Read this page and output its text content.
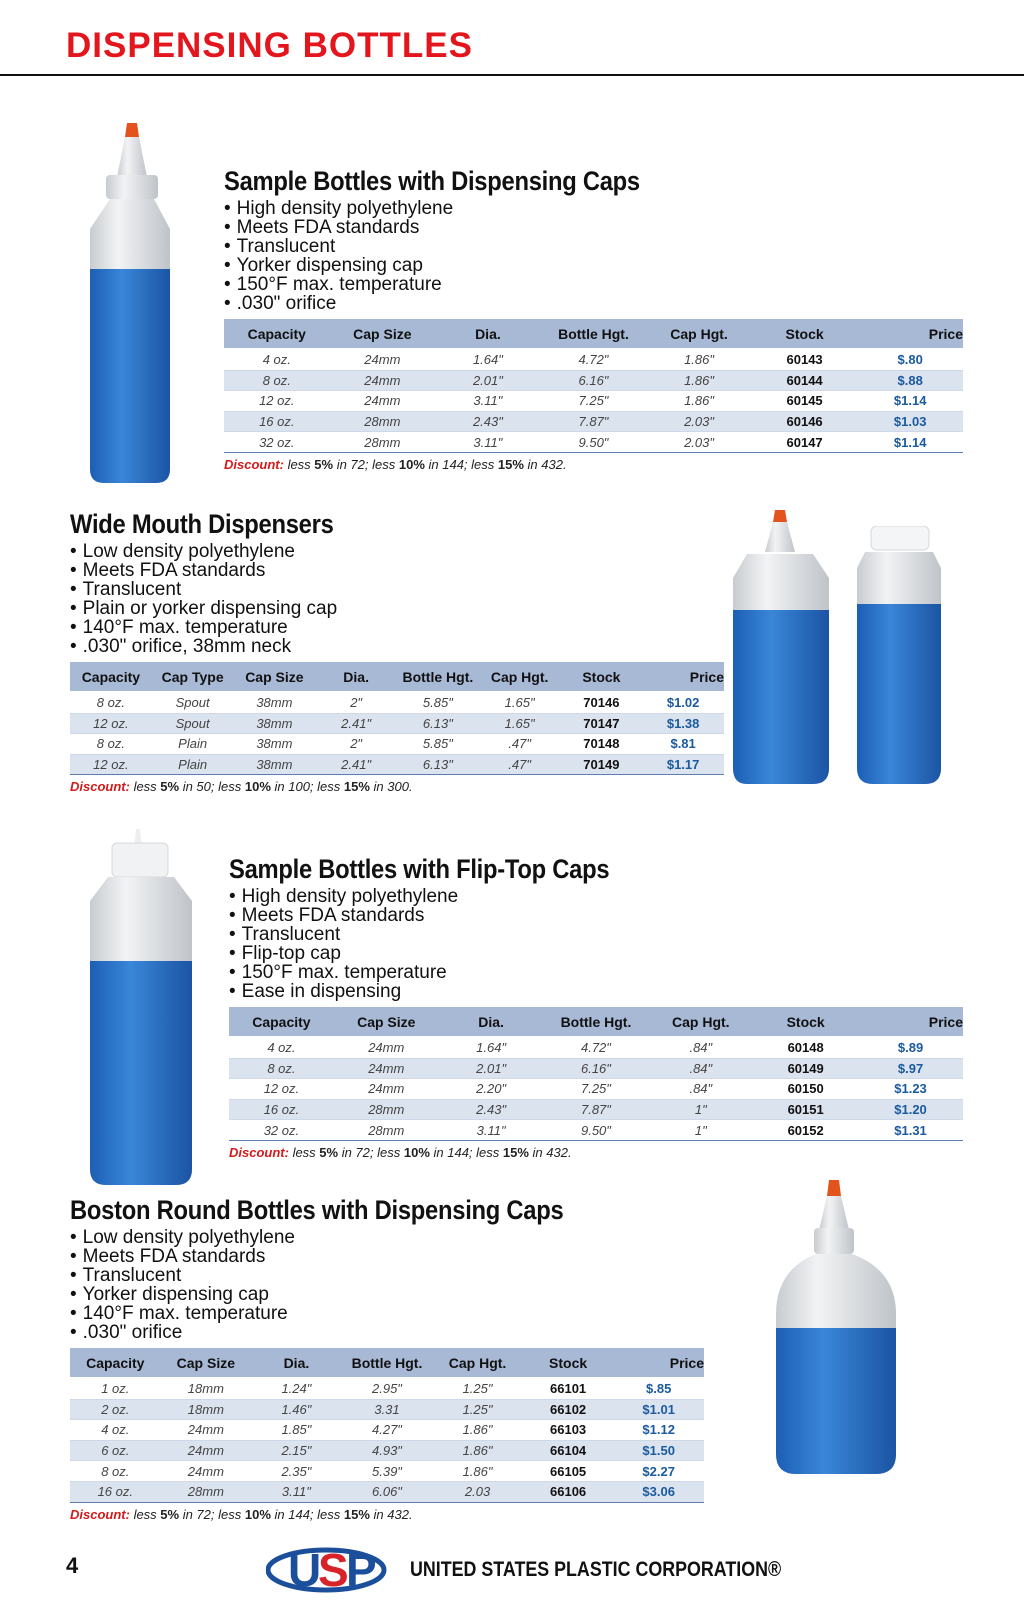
DISPENSING BOTTLES
Sample Bottles with Dispensing Caps
• High density polyethylene
• Meets FDA standards
• Translucent
• Yorker dispensing cap
• 150°F max. temperature
• .030" orifice
Capacity	Cap Size	Dia.	Bottle Hgt.	Cap Hgt.	Stock	Price
4 oz.	24mm	1.64"	4.72"	1.86"	60143	$.80
8 oz.	24mm	2.01"	6.16"	1.86"	60144	$.88
12 oz.	24mm	3.11"	7.25"	1.86"	60145	$1.14
16 oz.	28mm	2.43"	7.87"	2.03"	60146	$1.03
32 oz.	28mm	3.11"	9.50"	2.03"	60147	$1.14
Discount: less 5% in 72; less 10% in 144; less 15% in 432.
Wide Mouth Dispensers
• Low density polyethylene
• Meets FDA standards
• Translucent
• Plain or yorker dispensing cap
• 140°F max. temperature
• .030" orifice, 38mm neck
Capacity	Cap Type	Cap Size	Dia.	Bottle Hgt.	Cap Hgt.	Stock	Price
8 oz.	Spout	38mm	2"	5.85"	1.65"	70146	$1.02
12 oz.	Spout	38mm	2.41"	6.13"	1.65"	70147	$1.38
8 oz.	Plain	38mm	2"	5.85"	.47"	70148	$.81
12 oz.	Plain	38mm	2.41"	6.13"	.47"	70149	$1.17
Discount: less 5% in 50; less 10% in 100; less 15% in 300.
Sample Bottles with Flip-Top Caps
• High density polyethylene
• Meets FDA standards
• Translucent
• Flip-top cap
• 150°F max. temperature
• Ease in dispensing
Capacity	Cap Size	Dia.	Bottle Hgt.	Cap Hgt.	Stock	Price
4 oz.	24mm	1.64"	4.72"	.84"	60148	$.89
8 oz.	24mm	2.01"	6.16"	.84"	60149	$.97
12 oz.	24mm	2.20"	7.25"	.84"	60150	$1.23
16 oz.	28mm	2.43"	7.87"	1"	60151	$1.20
32 oz.	28mm	3.11"	9.50"	1"	60152	$1.31
Discount: less 5% in 72; less 10% in 144; less 15% in 432.
Boston Round Bottles with Dispensing Caps
• Low density polyethylene
• Meets FDA standards
• Translucent
• Yorker dispensing cap
• 140°F max. temperature
• .030" orifice
Capacity	Cap Size	Dia.	Bottle Hgt.	Cap Hgt.	Stock	Price
1 oz.	18mm	1.24"	2.95"	1.25"	66101	$.85
2 oz.	18mm	1.46"	3.31	1.25"	66102	$1.01
4 oz.	24mm	1.85"	4.27"	1.86"	66103	$1.12
6 oz.	24mm	2.15"	4.93"	1.86"	66104	$1.50
8 oz.	24mm	2.35"	5.39"	1.86"	66105	$2.27
16 oz.	28mm	3.11"	6.06"	2.03	66106	$3.06
Discount: less 5% in 72; less 10% in 144; less 15% in 432.
4	U S P UNITED STATES PLASTIC CORPORATION®
